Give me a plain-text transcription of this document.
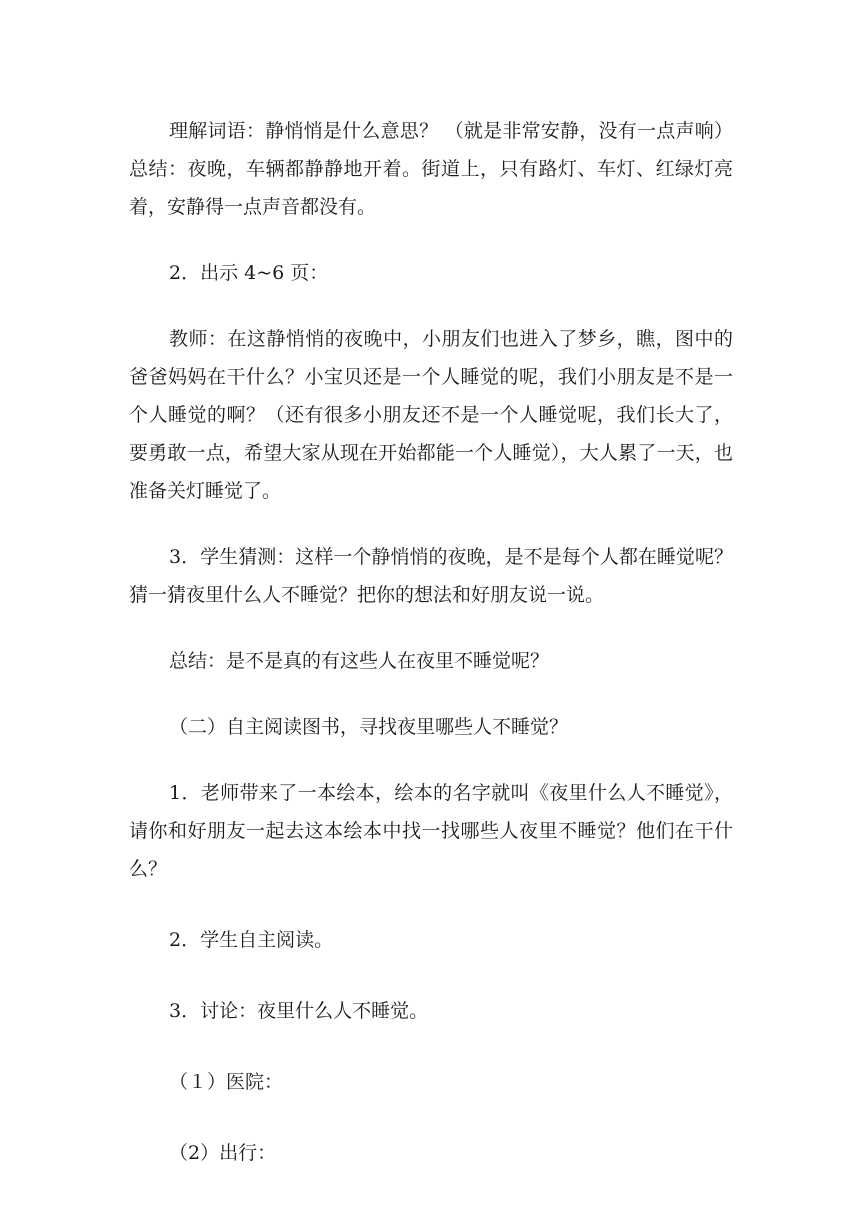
理解词语：静悄悄是什么意思？ （就是非常安静，没有一点声响）总结：夜晚，车辆都静静地开着。街道上，只有路灯、车灯、红绿灯亮着，安静得一点声音都没有。

2．出示 4~6 页：

教师：在这静悄悄的夜晚中，小朋友们也进入了梦乡，瞧，图中的爸爸妈妈在干什么？小宝贝还是一个人睡觉的呢，我们小朋友是不是一个人睡觉的啊？（还有很多小朋友还不是一个人睡觉呢，我们长大了，要勇敢一点，希望大家从现在开始都能一个人睡觉），大人累了一天，也准备关灯睡觉了。

3．学生猜测：这样一个静悄悄的夜晚，是不是每个人都在睡觉呢？猜一猜夜里什么人不睡觉？把你的想法和好朋友说一说。

总结：是不是真的有这些人在夜里不睡觉呢？

（二）自主阅读图书，寻找夜里哪些人不睡觉？

1．老师带来了一本绘本，绘本的名字就叫《夜里什么人不睡觉》，请你和好朋友一起去这本绘本中找一找哪些人夜里不睡觉？他们在干什么？

2．学生自主阅读。

3．讨论：夜里什么人不睡觉。

（１）医院：

（2）出行：
